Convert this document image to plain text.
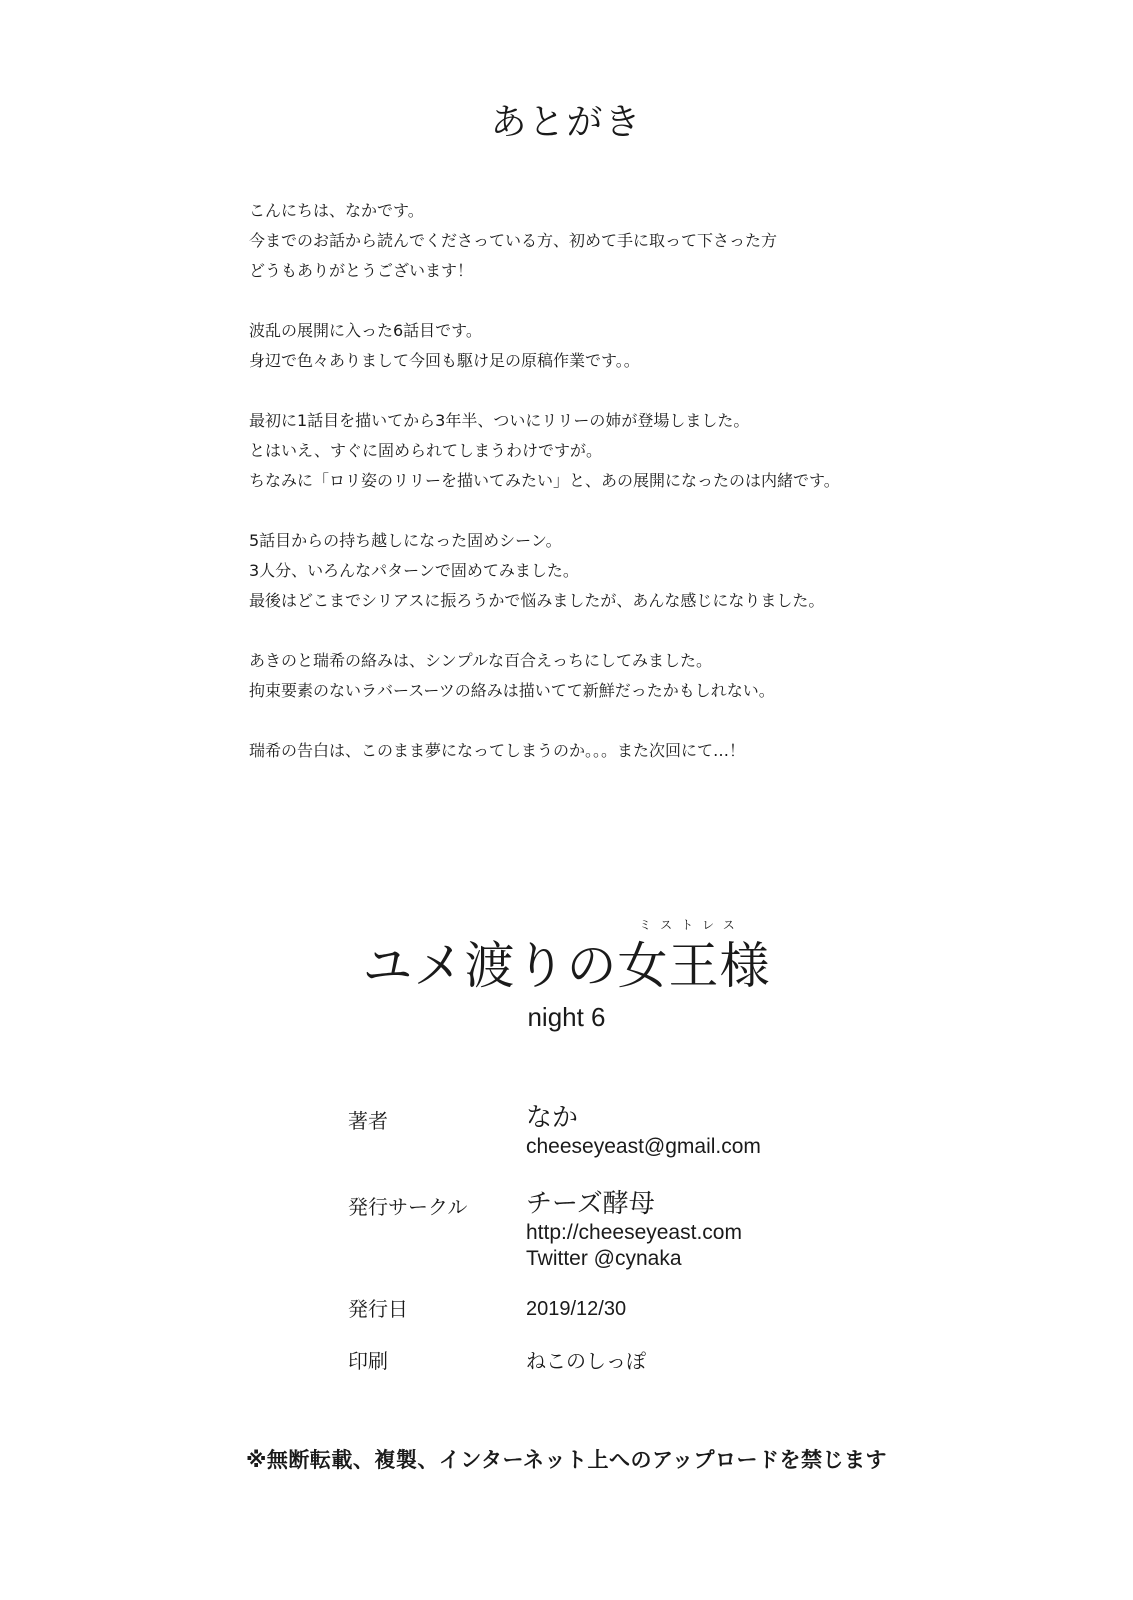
あとがき

こんにちは、なかです。
今までのお話から読んでくださっている方、初めて手に取って下さった方
どうもありがとうございます！

波乱の展開に入った6話目です。
身辺で色々ありまして今回も駆け足の原稿作業です。。

最初に1話目を描いてから3年半、ついにリリーの姉が登場しました。
とはいえ、すぐに固められてしまうわけですが。
ちなみに「ロリ姿のリリーを描いてみたい」と、あの展開になったのは内緒です。

5話目からの持ち越しになった固めシーン。
3人分、いろんなパターンで固めてみました。
最後はどこまでシリアスに振ろうかで悩みましたが、あんな感じになりました。

あきのと瑞希の絡みは、シンプルな百合えっちにしてみました。
拘束要素のないラバースーツの絡みは描いてて新鮮だったかもしれない。

瑞希の告白は、このまま夢になってしまうのか。。。また次回にて…！

ミストレス
ユメ渡りの女王様
night 6
著者	なか
cheeseyeast@gmail.com
発行サークル チーズ酵母
http://cheeseyeast.com
Twitter @cynaka
発行日	2019/12/30
印刷	ねこのしっぽ
※無断転載、複製、インターネット上へのアップロードを禁じます
